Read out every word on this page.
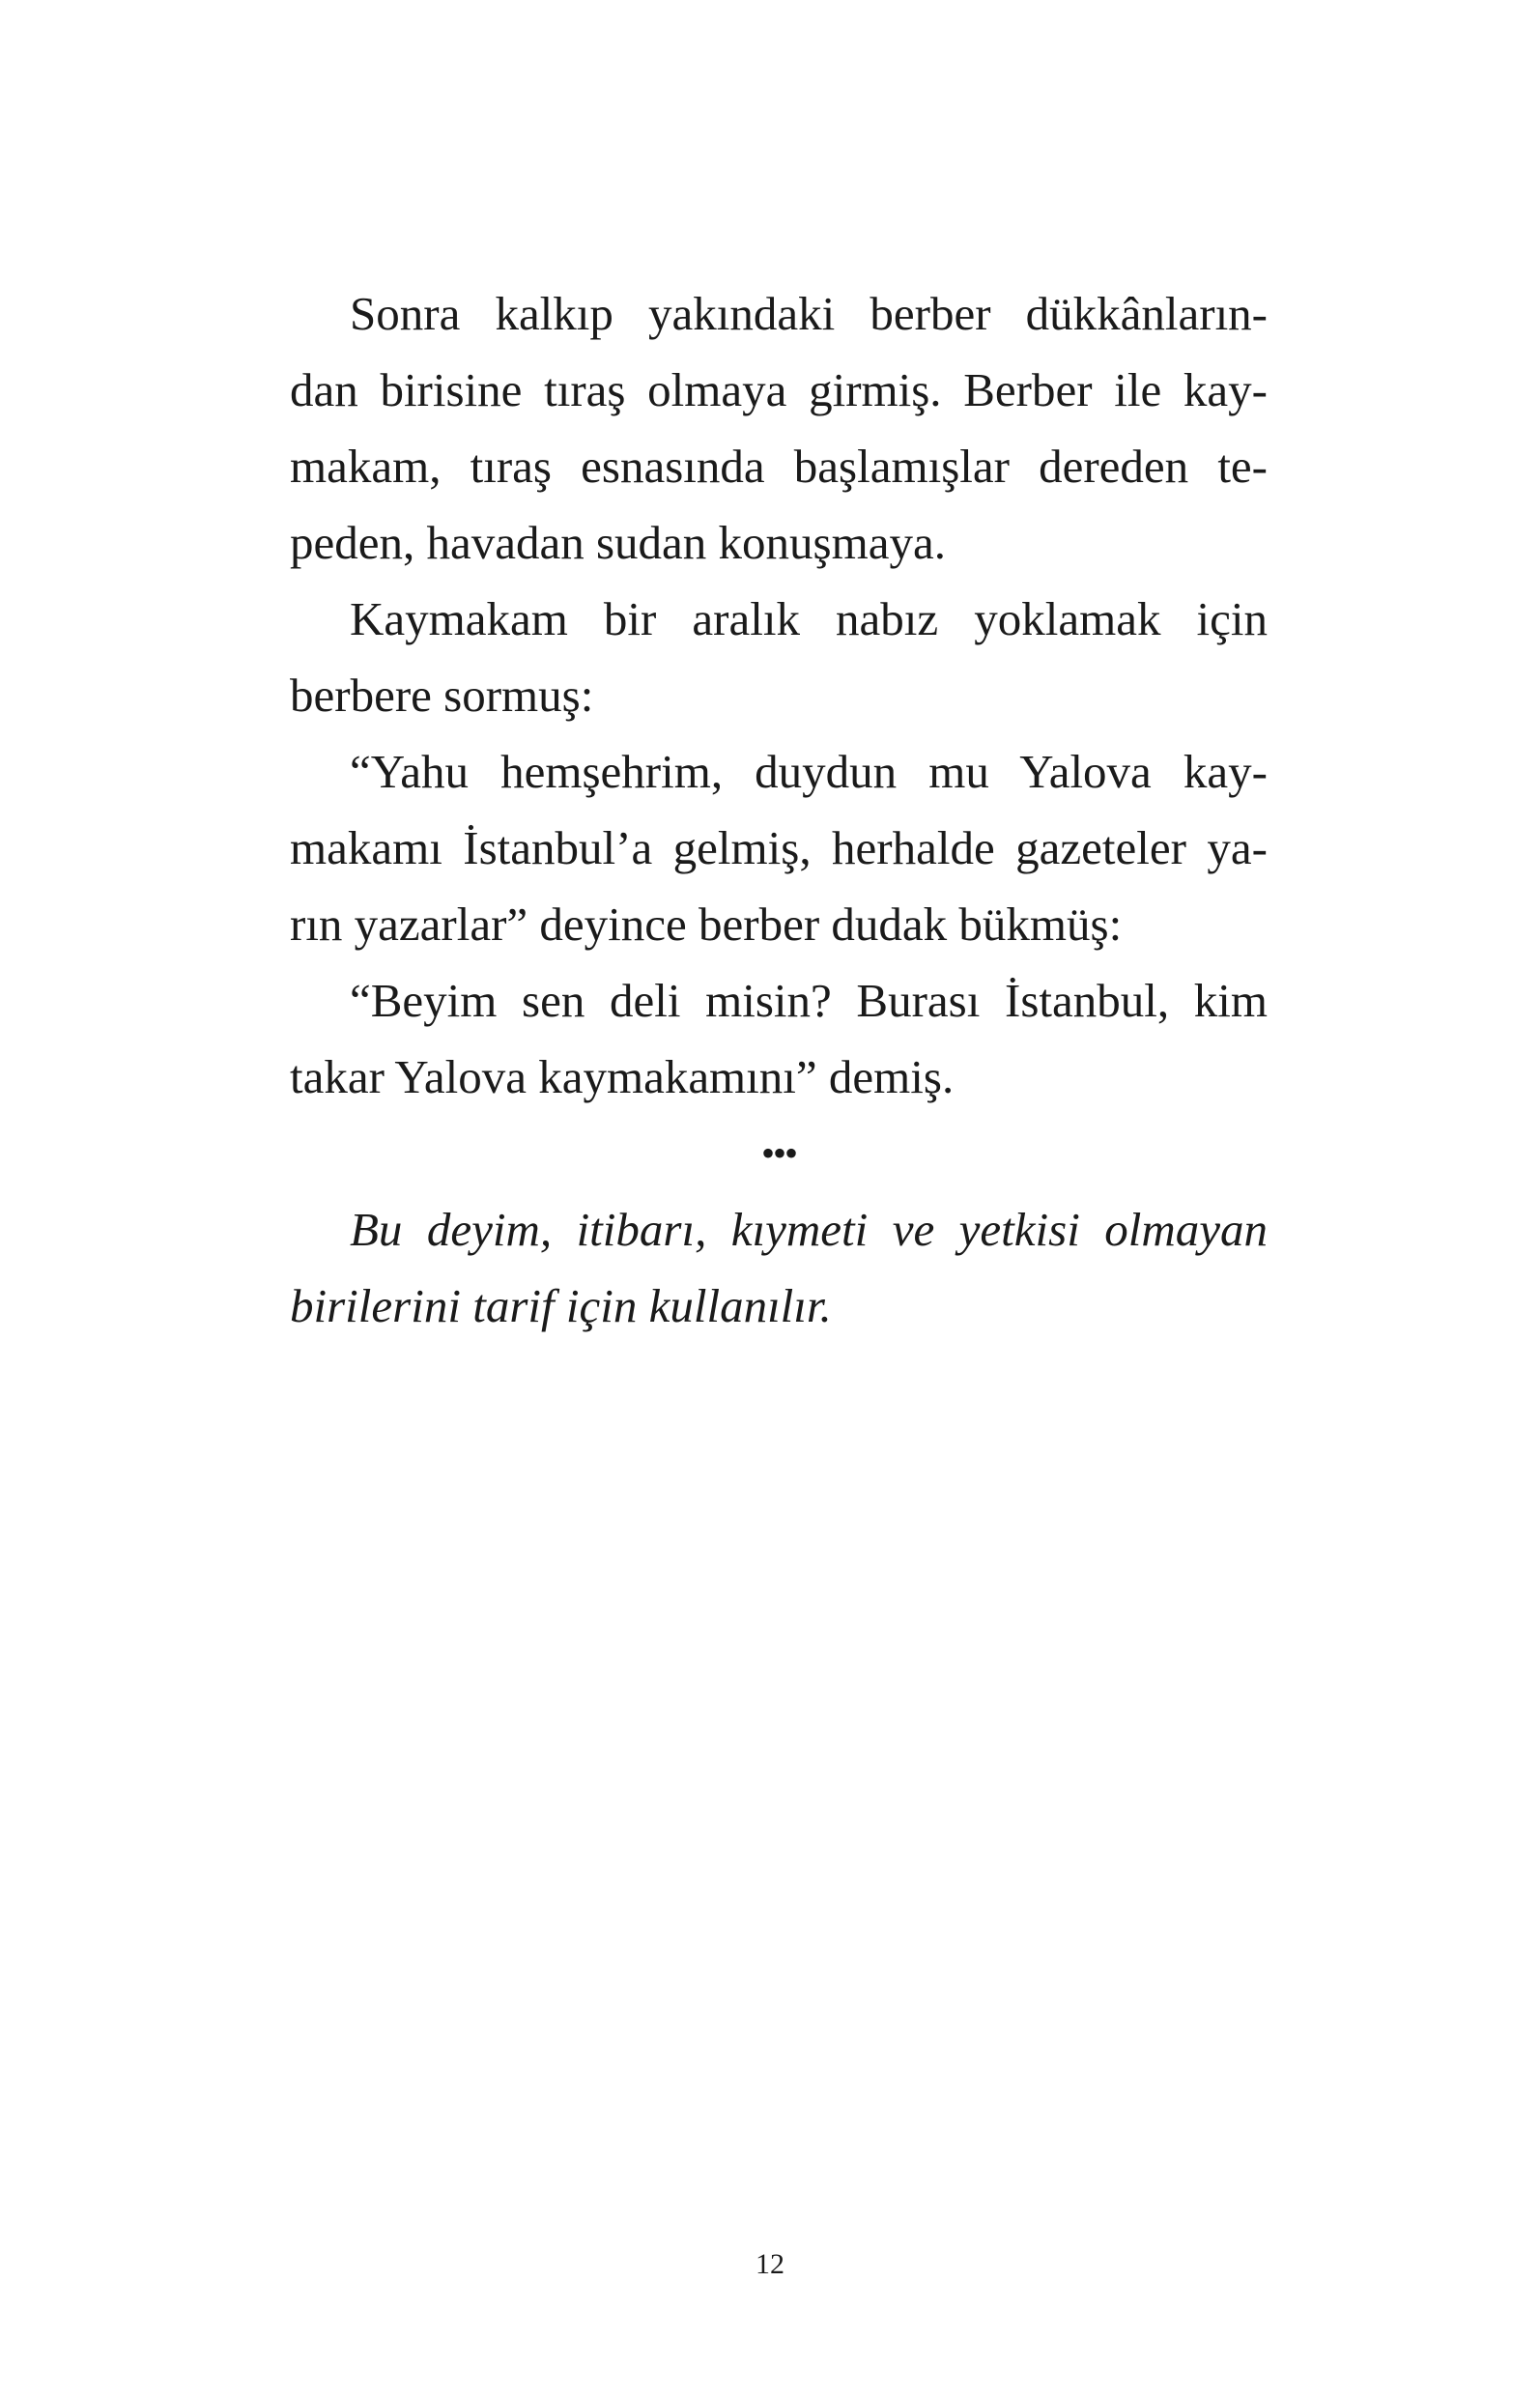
Sonra kalkıp yakındaki berber dükkânların-
dan birisine tıraş olmaya girmiş. Berber ile kay-
makam, tıraş esnasında başlamışlar dereden te-
peden, havadan sudan konuşmaya.
Kaymakam bir aralık nabız yoklamak için
berbere sormuş:
“Yahu hemşehrim, duydun mu Yalova kay-
makamı İstanbul’a gelmiş, herhalde gazeteler ya-
rın yazarlar” deyince berber dudak bükmüş:
“Beyim sen deli misin? Burası İstanbul, kim
takar Yalova kaymakamını” demiş.
•••
Bu deyim, itibarı, kıymeti ve yetkisi olmayan
birilerini tarif için kullanılır.
12
